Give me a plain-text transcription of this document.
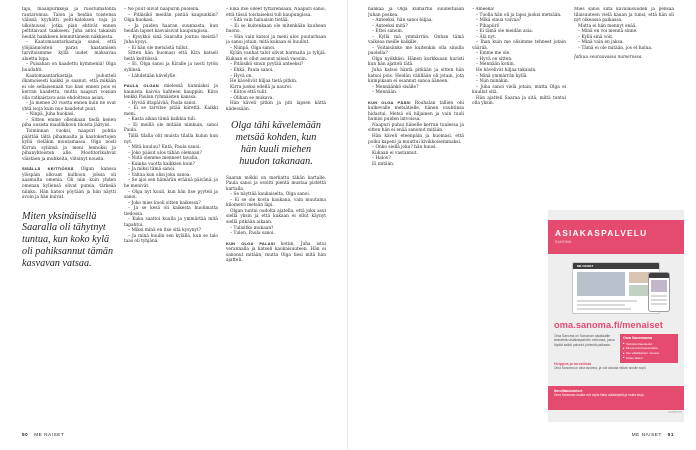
tajä, maalipurkkeja ja ruostumatonta rautaromua. Talon ja heidän toistensa välissä kyyhötti pelti-katoksen vaja ja ulkohuussi, jotka pian ehtivät ennen peltitaivaat taakseen. Juha antoi takaisin heidät hankkeen lemmittäneen näkkiesta.

– Kaatomaantarkastaja sanoi, että ylöjäännösten paras kaatamisen tarvitsisimme kyllä uudet maksavaa aluetta lupa.

– Puisahan on kaadettu kymmeniä! Olga huudahti.

Kaatomaantarkastaja puhutteli ilkamoisesti kaikki jo saanut, että mikään ei ole sellaisenaan tuo kasi ennen pois ei kerran kaadettu, mutta naapuri voisian olla ratkaistava asia ehdoitteaa asian.

– Ja menee 20 vuotta ennen kuin ne ovat yhtä isoja kuin nuo kaadetut puut.

– Ninpä, Juha huokasi.

– Sitten emme ollenkaan tiedä kenen piha uusista maallikkoon tiloista jäätyisi.

Toiminnan vuoksi, naapuri pohtia päättää tältä pihamaalta ja kaatokertojen kyllä vieläkin muutamassa. Olga nosti Kirran syliinsä ja meni lennoksi ja pihanyhteisten alle. Mootitorikahvat väistäen ja muhkeita, viitsinyt nousta.

SISÄLLÄ KEITTIÖSSÄ Olgan kanssa ylöspäin ulkvaat kulhoon, jolssa oli aaamulta omenia. Oli niin kuin yhden omenan kyllensä olivat pumia, tärkeää niinku. Hän katsoi pöytään ja hän näytti avoin ja hän kuivat.

Miten yksinäisellä Saaralla oli tähytnyt tuntua, kun koko kylä oli pahiksannut tämän kasvavan vatsaa.

– Ne puut olivat naapurin puolella.

– Pitäisikö meidän pistää kaupunkiin? Olga huokasi.

– Ja puiden haaran suunnasta, kun heidän lapset kasvaisivat kaupungissa.

– Kysykkö sinä Saaralta joutuu meistä? Juha kysyi.

– Ei hän ole metsästä tullut.

Sitten hän huomasi että Kira katseli heitä keittiössä.

– Ei, Olga sanoi ja Kiralle ja nosti tytön syliinsä.

– Lähdetään kävelylle.

PAULA OLGAN mielessä kunniaksi ja kaunista kaivoa kahteen kauppiin. Kiira lenkki Paulan ryhmäisten kanssa.

– Hyvää iltapäivää, Paula sanoi.

– Ei se tarvitse pitää kiirettä. Kaikki meni.

– Kasta aikaa tämä kaikkia tuli.

– Ei meillä ole mitään niinkuin, sanoi Paula.

Tällä tilalla olit muista tilalla kulun kun nyt.

– Mitä kuuluu? Entä, Paula sanoi.

– Joko pääsit ulos tähän olemaan?

– Niitä olemme menneet tavalla.

– Kuinka vuotta kaikkien kuin?

– Ja miksi tämä sanoi.

– Valtaa kun olisi joku sanoa.

– Se ajoi sen hämärän eräänä päivänä, ja he menivät.

– Olga nyt kuuli, kun hän itse pyyteli ja sanoi.

– Joko mies kuoli sitten kaikessa?

– Ja se kesä oli kaikesta huolimatta tiedossa.

– Kuka saattoi kuulla ja ymmärtää mitä tapahtui.

– Miksi minä en itse sitä kysynyt?

– Ja minä kuulin sen kylällä, kun se talo taas oli tyhjänä.

– Eikä itse olleet tyttärensään. Naapuri sanoi, että tässä toistaiseksi tuli kaupungissa.

– Sitä vain haluaisin tietää.

– Ei se kuitenkaan ole mitenkään kauhean huono.

– Hän vain katsoi ja meni ulos puutarhaan ja sanoi jotain, mitä kukaan ei kuullut.

– Niinpä, Olga sanoi.

Kylän vanhat talot olivat harmaita ja tyhjiä. Kukaan ei ollut asunut niissä vuosiin.

– Pitäisikö sinun pyytää anteeksi?

– Ehkä, Paula sanoi.

– Hyvä on.

He kävelivät hiljaa tietä pitkin.

Kirra juoksi edellä ja nauroi.

– Kiitos että tulit.

– Olihan se mukava.

Hän käveli pitkin ja piti lapsen kättä kädessään.

Olga tähi kävelemään metsää kohden, kun hän kuuli miehen huudon takanaan.

Saaran mökki on merkattu tähän kartalle. Paula sanoi ja osoitti pientä mustaa pistettä kartalla.

– Se näyttää kaukaiselta, Olga sanoi.

– Ei se ole kovin kaukana, vain muutama kilometri metsän läpi.

Olgan tuntui oudolta ajatella, että joku asui siellä yksin ja että kukaan ei ollut käynyt siellä pitkään aikaan.

– Tulisitko mukaan?

– Tulen, Paula sanoi.

KUN OLGA PALASI kotiin, Juha istui verannalla ja katseli kaukaisuuteen. Hän ei sanonut mitään, mutta Olga tiesi mitä hän ajatteli.

50 ME NAISET

hankaa ja Olga kumartui suudeltuaan Juhan poskea.

– Anteeksi, hän sanoi hiljaa.

– Anteeksi mitä?

– Ettei sanoin.

– Kyllä mä ymmärrän. Onhan tämä vaikeaa meille kaikille.

– Voitaisiinko me kuitenkin olla sinulla puolella?

Olga nyökkäsi. Hänen kurkkuaan kuristi kun hän ajatteli tätä.

Juha katsoi häntä pitkään ja sitten hän katsoi pois. Heidän välillään oli jotain, jota kumpikaan ei osannut sanoa ääneen.

– Mennäänkö sisälle?

– Mennään.

KUN OLGA PÄÄSI Rouhalan tallien ohi kulkevalle metsätielle, hänen vauhtinsa hidastui. Metsä oli hiljainen ja vain tuuli humisi puiden latvoissa.

Naapuri puhui hänelle kerran tuulessa ja sitten hän ei enää sanonut mitään.

Hän käveli eteenpäin ja huomasi, että polku kapeni ja muuttui kivikkoisemmaksi.

– Onko siellä joku? hän huusi.

Kukaan ei vastannut.

– Haloo?

Ei mitään.

– Ameeka!

– Tuolla hän oli ja lapsi juoksi metsään.

– Mikä sinua vaivaa?

– Pihapiiri!

– Ei tämä ole meidän asia.

– Älä nyt.

– Ihan kuin me olisimme tehneet jotain väärää.

– Emme me ole.

– Hyvä on sitten.

– Mennään kotiin.

He kävelivät hiljaa takaisin.

– Minä ymmärrän kyllä.

– Niin minäkin.

– Juha sanoi vielä jotain, mutta Olga ei kuullut sitä.

Hän ajatteli Saaraa ja sitä, miltä tuntui olla yksin.

Mies sanoi siitä kavalaisuuden ja pensaa tilaisuuteen vielä kauan ja tunsi, että hän oli nyt oikeassa paikassa.

Mutta ei hän mennyt enää.

– Minä en voi mennä sinne.

– Kyllä sinä voit.

– Minä vain en jaksa.

– Tämä ei ole mitään, jos et halua.

Jatkuu seuraavassa numerossa.

ME NAISET 51
ASIAKASPALVELU
SANOMA
ME NAISET
oma.sanoma.fi/menaiset
Oma Sanoma on Sanoman asiakkaille tarkoitettu asiakaspalvelu verkossa, jossa löydät kaikki palvelut yhdestä paikasta.
Oma Sanomassa
■ Tarkista tilaustiedot
■ Muuta toimitusosoitetta
■ Tee väliaikainen muutos
■ Katso laskut
Helppoa ja turvallista
Oma Sanoma on aina avoinna, ja voit asioida milloin sinulle sopii.
Ilmoittautumiset
Oma Sanoman kautta voit myös tilata uutiskirjeitä ja muita etuja.
ILMOITUS
